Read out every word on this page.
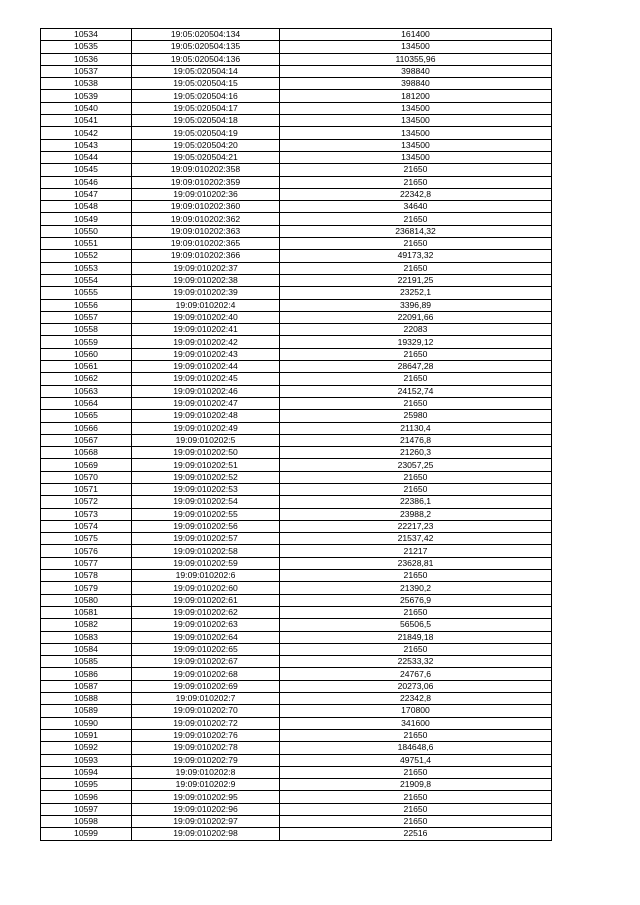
10534	19:05:020504:134	161400
10535	19:05:020504:135	134500
10536	19:05:020504:136	110355,96
10537	19:05:020504:14	398840
10538	19:05:020504:15	398840
10539	19:05:020504:16	181200
10540	19:05:020504:17	134500
10541	19:05:020504:18	134500
10542	19:05:020504:19	134500
10543	19:05:020504:20	134500
10544	19:05:020504:21	134500
10545	19:09:010202:358	21650
10546	19:09:010202:359	21650
10547	19:09:010202:36	22342,8
10548	19:09:010202:360	34640
10549	19:09:010202:362	21650
10550	19:09:010202:363	236814,32
10551	19:09:010202:365	21650
10552	19:09:010202:366	49173,32
10553	19:09:010202:37	21650
10554	19:09:010202:38	22191,25
10555	19:09:010202:39	23252,1
10556	19:09:010202:4	3396,89
10557	19:09:010202:40	22091,66
10558	19:09:010202:41	22083
10559	19:09:010202:42	19329,12
10560	19:09:010202:43	21650
10561	19:09:010202:44	28647,28
10562	19:09:010202:45	21650
10563	19:09:010202:46	24152,74
10564	19:09:010202:47	21650
10565	19:09:010202:48	25980
10566	19:09:010202:49	21130,4
10567	19:09:010202:5	21476,8
10568	19:09:010202:50	21260,3
10569	19:09:010202:51	23057,25
10570	19:09:010202:52	21650
10571	19:09:010202:53	21650
10572	19:09:010202:54	22386,1
10573	19:09:010202:55	23988,2
10574	19:09:010202:56	22217,23
10575	19:09:010202:57	21537,42
10576	19:09:010202:58	21217
10577	19:09:010202:59	23628,81
10578	19:09:010202:6	21650
10579	19:09:010202:60	21390,2
10580	19:09:010202:61	25676,9
10581	19:09:010202:62	21650
10582	19:09:010202:63	56506,5
10583	19:09:010202:64	21849,18
10584	19:09:010202:65	21650
10585	19:09:010202:67	22533,32
10586	19:09:010202:68	24767,6
10587	19:09:010202:69	20273,06
10588	19:09:010202:7	22342,8
10589	19:09:010202:70	170800
10590	19:09:010202:72	341600
10591	19:09:010202:76	21650
10592	19:09:010202:78	184648,6
10593	19:09:010202:79	49751,4
10594	19:09:010202:8	21650
10595	19:09:010202:9	21909,8
10596	19:09:010202:95	21650
10597	19:09:010202:96	21650
10598	19:09:010202:97	21650
10599	19:09:010202:98	22516
